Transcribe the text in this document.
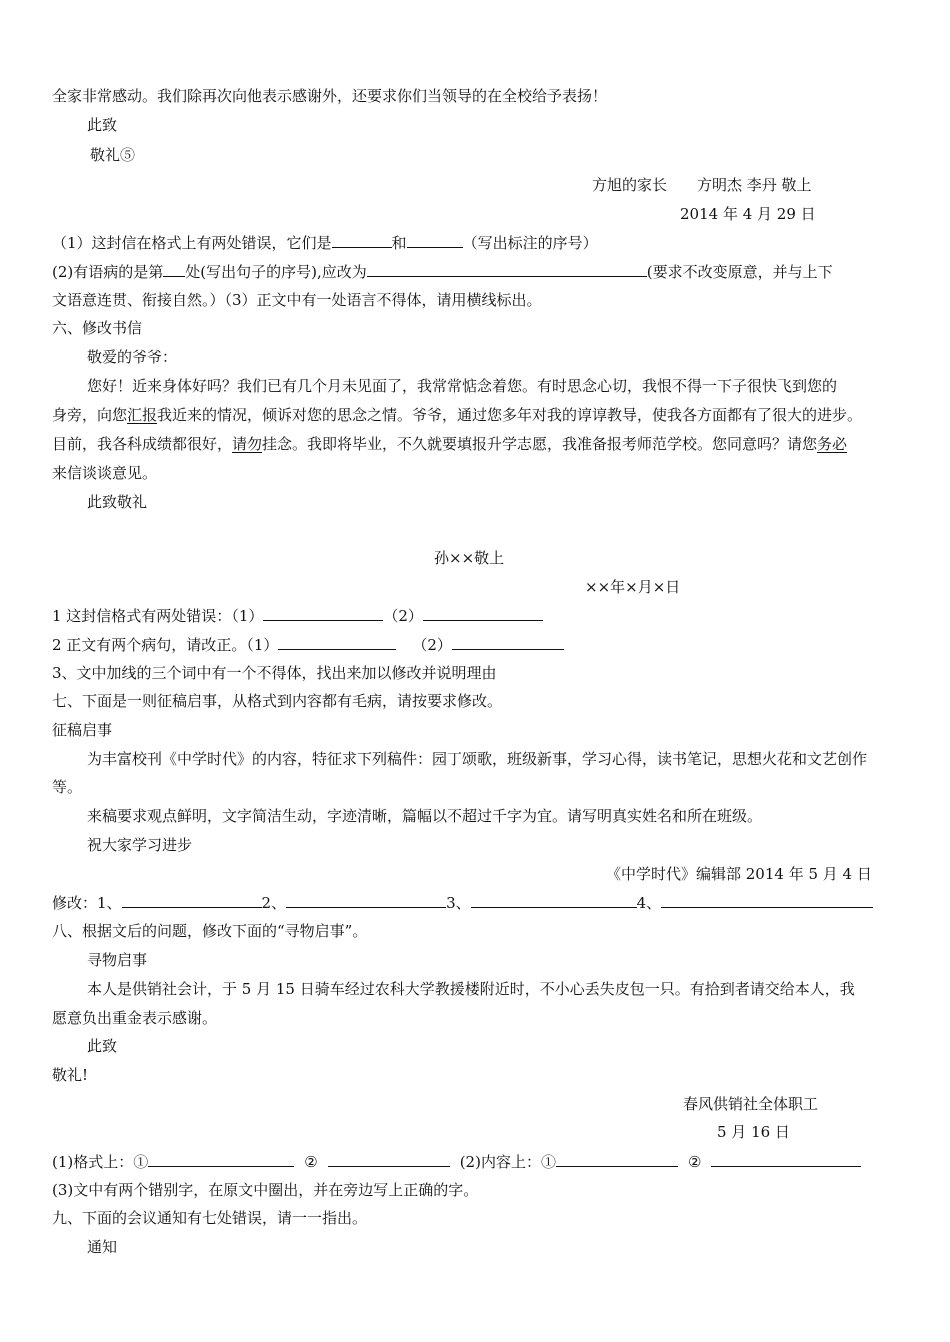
全家非常感动。我们除再次向他表示感谢外，还要求你们当领导的在全校给予表扬！
此致
敬礼⑤
方旭的家长 方明杰 李丹 敬上
2014 年 4 月 29 日
（1）这封信在格式上有两处错误，它们是	和	（写出标注的序号）
(2)有语病的是第 处(写出句子的序号),应改为	(要求不改变原意，并与上下
文语意连贯、衔接自然。）（3）正文中有一处语言不得体，请用横线标出。
六、修改书信
敬爱的爷爷：
您好！近来身体好吗？我们已有几个月未见面了，我常常惦念着您。有时思念心切，我恨不得一下子很快飞到您的
身旁，向您汇报我近来的情况，倾诉对您的思念之情。爷爷，通过您多年对我的谆谆教导，使我各方面都有了很大的进步。
目前，我各科成绩都很好，请勿挂念。我即将毕业，不久就要填报升学志愿，我准备报考师范学校。您同意吗？请您务必
来信谈谈意见。
此致敬礼
孙××敬上
××年×月×日
1 这封信格式有两处错误：（1）	（2）
2 正文有两个病句，请改正。（1）	（2）
3、文中加线的三个词中有一个不得体，找出来加以修改并说明理由
七、下面是一则征稿启事，从格式到内容都有毛病，请按要求修改。
征稿启事
为丰富校刊《中学时代》的内容，特征求下列稿件：园丁颂歌，班级新事，学习心得，读书笔记，思想火花和文艺创作
等。
来稿要求观点鲜明，文字简洁生动，字迹清晰，篇幅以不超过千字为宜。请写明真实姓名和所在班级。
祝大家学习进步
《中学时代》编辑部 2014 年 5 月 4 日
修改：1、	2、	3、	4、
八、根据文后的问题，修改下面的“寻物启事”。
寻物启事
本人是供销社会计，于 5 月 15 日骑车经过农科大学教援楼附近时，不小心丢失皮包一只。有拾到者请交给本人，我
愿意负出重金表示感谢。
此致
敬礼!
春风供销社全体职工
5 月 16 日
(1)格式上：①	②	(2)内容上：①	②
(3)文中有两个错别字，在原文中圈出，并在旁边写上正确的字。
九、下面的会议通知有七处错误，请一一指出。
通知
